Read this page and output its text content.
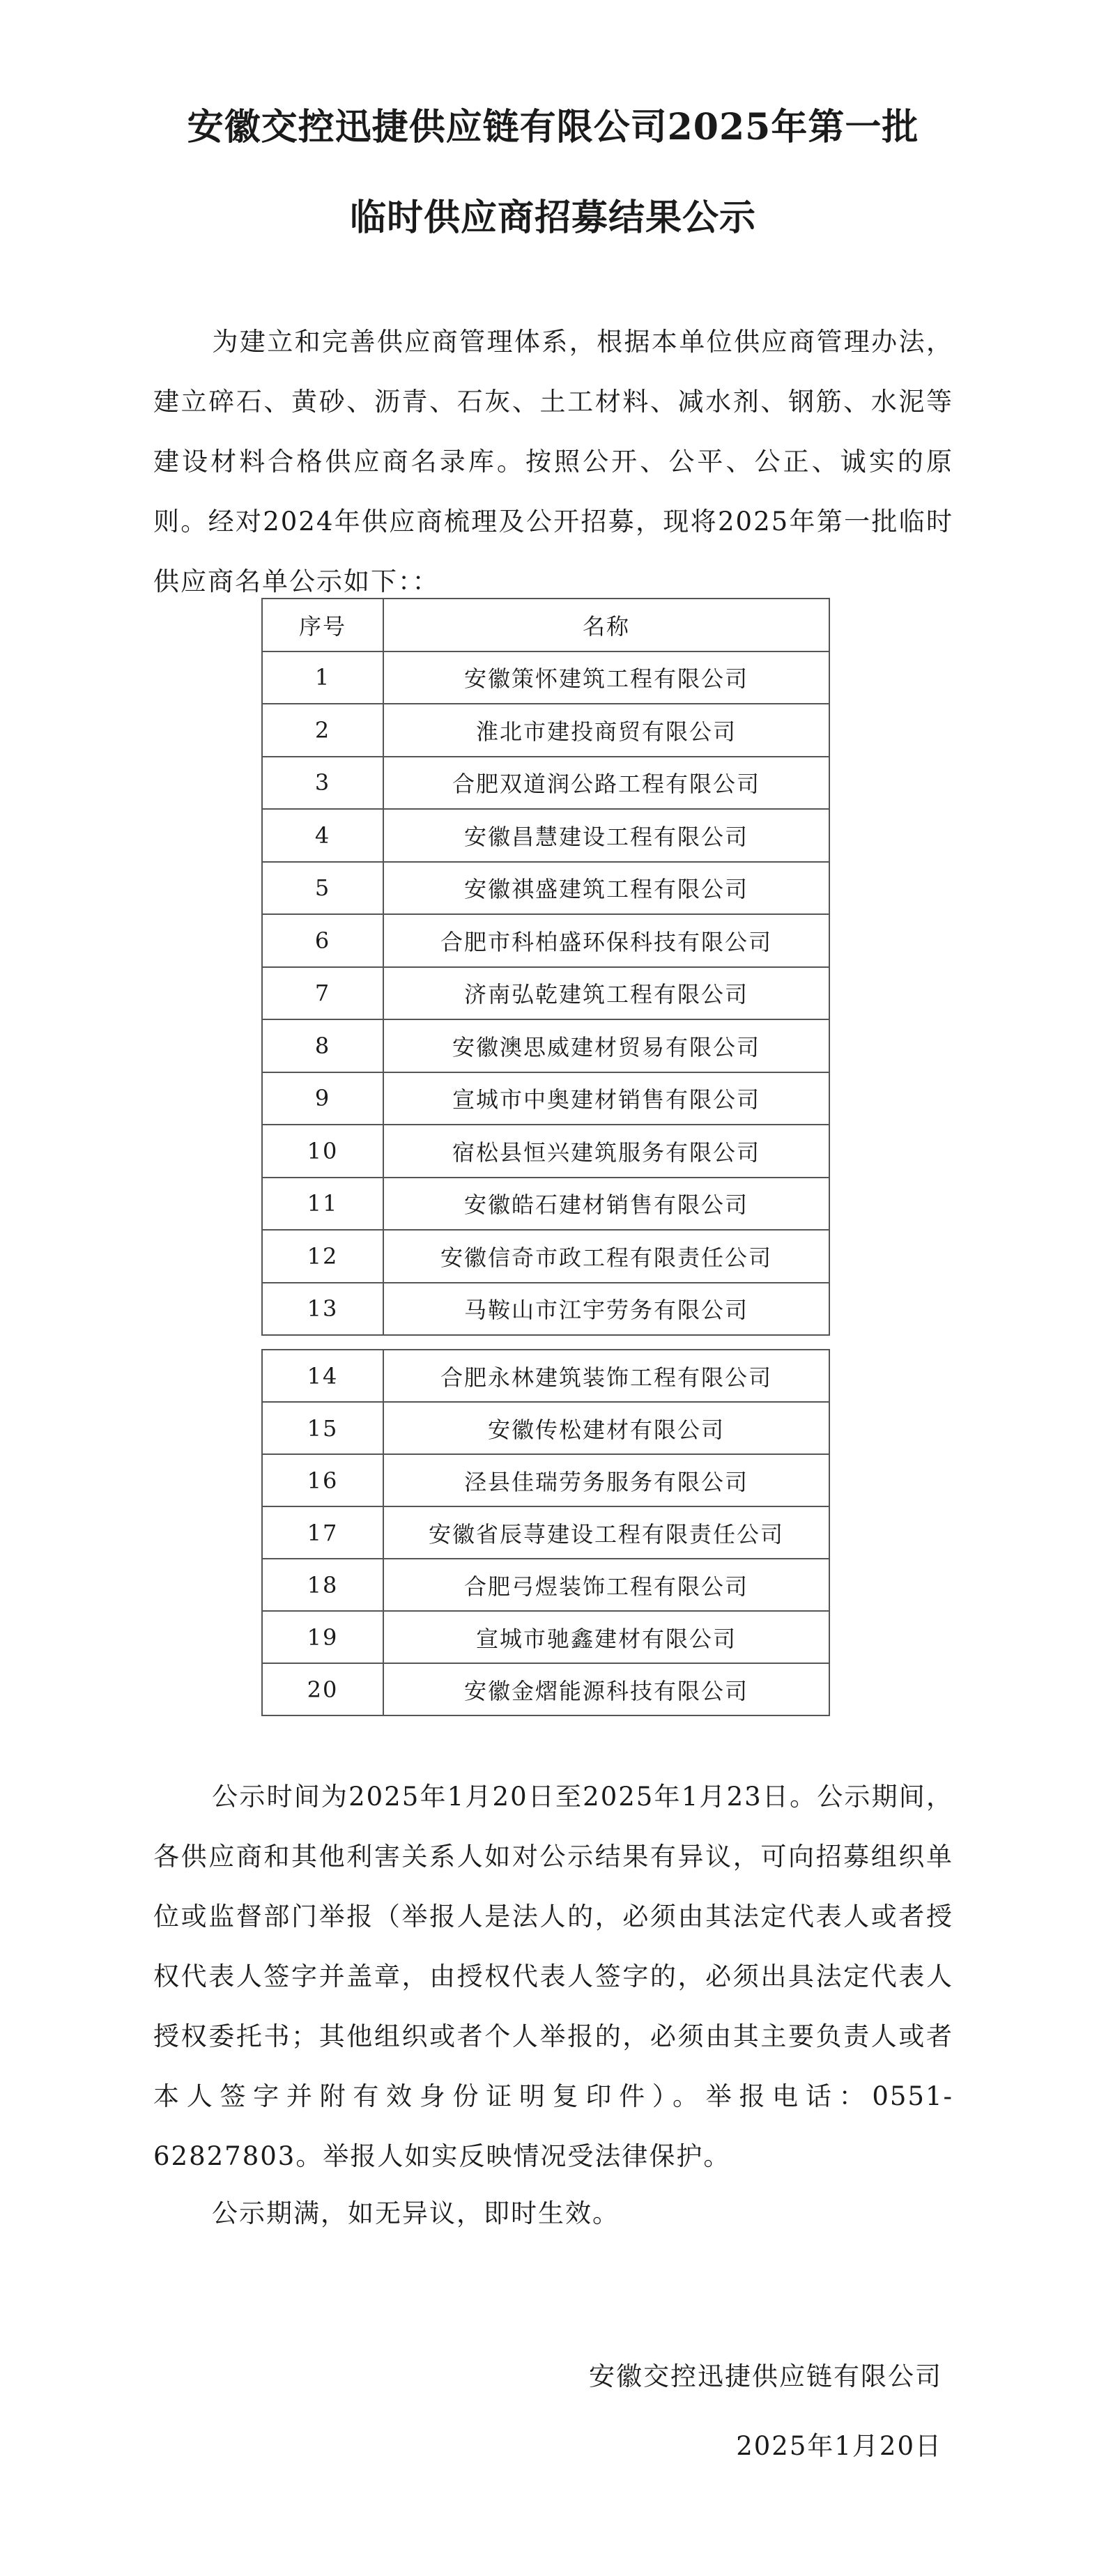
安徽交控迅捷供应链有限公司2025年第一批
临时供应商招募结果公示
为建立和完善供应商管理体系，根据本单位供应商管理办法，建立碎石、黄砂、沥青、石灰、土工材料、减水剂、钢筋、水泥等建设材料合格供应商名录库。按照公开、公平、公正、诚实的原则。经对2024年供应商梳理及公开招募，现将2025年第一批临时供应商名单公示如下：：
序号	名称
1	安徽策怀建筑工程有限公司
2	淮北市建投商贸有限公司
3	合肥双道润公路工程有限公司
4	安徽昌慧建设工程有限公司
5	安徽祺盛建筑工程有限公司
6	合肥市科柏盛环保科技有限公司
7	济南弘乾建筑工程有限公司
8	安徽澳思威建材贸易有限公司
9	宣城市中奥建材销售有限公司
10	宿松县恒兴建筑服务有限公司
11	安徽皓石建材销售有限公司
12	安徽信奇市政工程有限责任公司
13	马鞍山市江宇劳务有限公司
14	合肥永林建筑装饰工程有限公司
15	安徽传松建材有限公司
16	泾县佳瑞劳务服务有限公司
17	安徽省辰荨建设工程有限责任公司
18	合肥弓煜装饰工程有限公司
19	宣城市驰鑫建材有限公司
20	安徽金熠能源科技有限公司
公示时间为2025年1月20日至2025年1月23日。公示期间，各供应商和其他利害关系人如对公示结果有异议，可向招募组织单位或监督部门举报（举报人是法人的，必须由其法定代表人或者授权代表人签字并盖章，由授权代表人签字的，必须出具法定代表人授权委托书；其他组织或者个人举报的，必须由其主要负责人或者本人签字并附有效身份证明复印件）。举报电话：0551-62827803。举报人如实反映情况受法律保护。
公示期满，如无异议，即时生效。
安徽交控迅捷供应链有限公司
2025年1月20日
